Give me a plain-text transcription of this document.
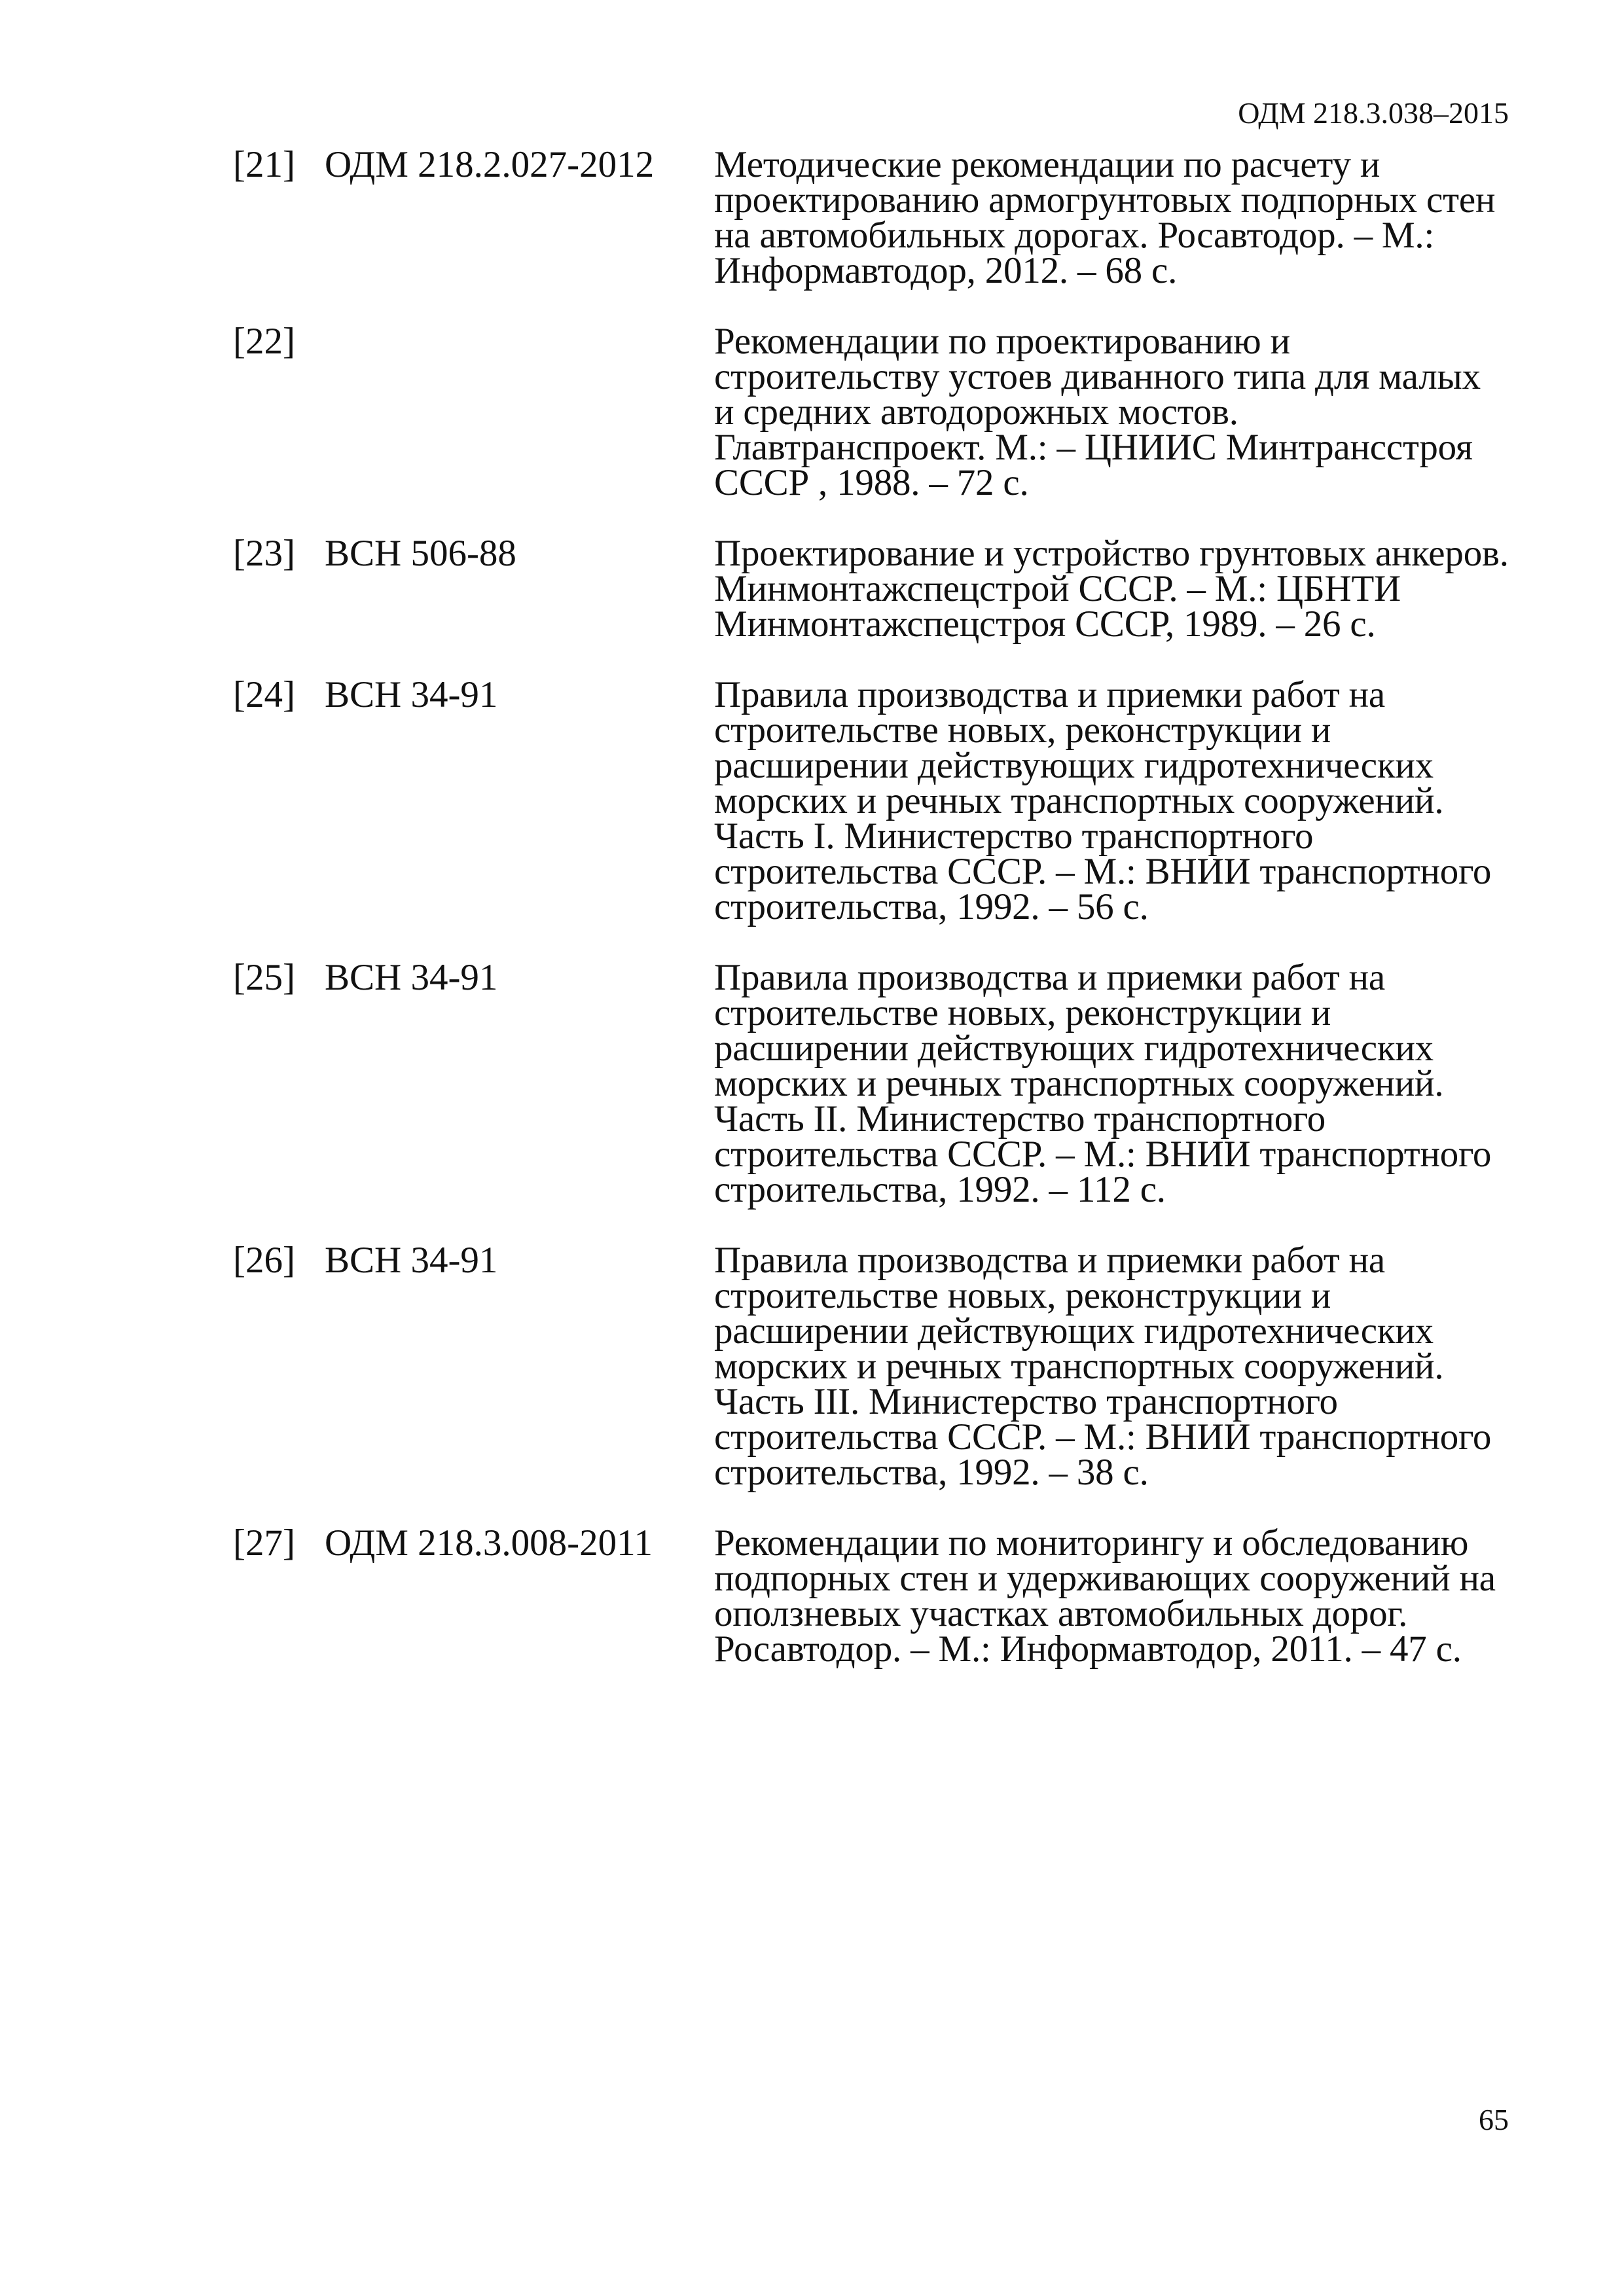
ОДМ 218.3.038–2015
[21] ОДМ 218.2.027-2012	Методические рекомендации по расчету и проектированию армогрунтовых подпорных стен на автомобильных дорогах. Росавтодор. – М.: Информавтодор, 2012. – 68 с.
[22]	Рекомендации по проектированию и строительству устоев диванного типа для малых и средних автодорожных мостов. Главтранспроект. М.: – ЦНИИС Минтрансстроя СССР , 1988. – 72 с.
[23] ВСН 506-88	Проектирование и устройство грунтовых анкеров. Минмонтажспецстрой СССР. – М.: ЦБНТИ Минмонтажспецстроя СССР, 1989. – 26 с.
[24] ВСН 34-91	Правила производства и приемки работ на строительстве новых, реконструкции и расширении действующих гидротехнических морских и речных транспортных сооружений. Часть I. Министерство транспортного строительства СССР. – М.: ВНИИ транспортного строительства, 1992. – 56 с.
[25] ВСН 34-91	Правила производства и приемки работ на строительстве новых, реконструкции и расширении действующих гидротехнических морских и речных транспортных сооружений. Часть II. Министерство транспортного строительства СССР. – М.: ВНИИ транспортного строительства, 1992. – 112 с.
[26] ВСН 34-91	Правила производства и приемки работ на строительстве новых, реконструкции и расширении действующих гидротехнических морских и речных транспортных сооружений. Часть III. Министерство транспортного строительства СССР. – М.: ВНИИ транспортного строительства, 1992. – 38 с.
[27] ОДМ 218.3.008-2011	Рекомендации по мониторингу и обследованию подпорных стен и удерживающих сооружений на оползневых участках автомобильных дорог. Росавтодор. – М.: Информавтодор, 2011. – 47 с.
65
